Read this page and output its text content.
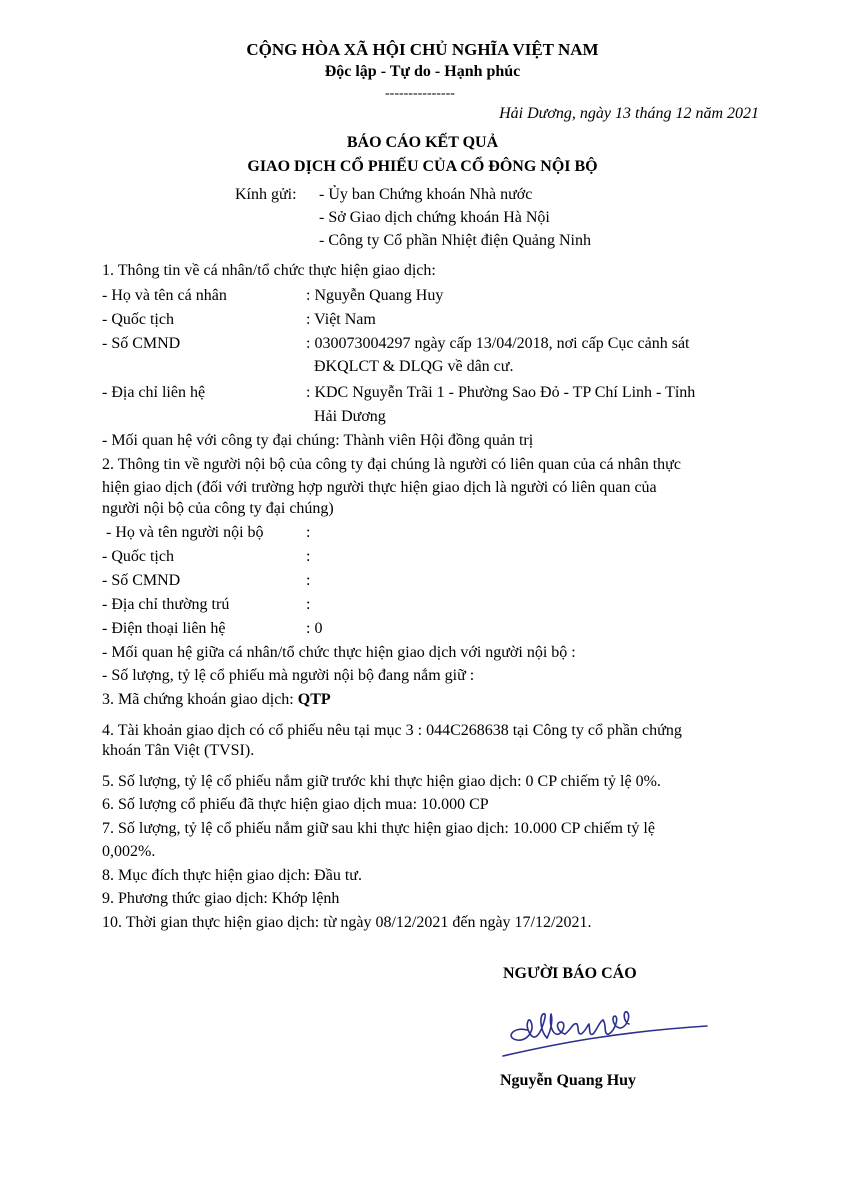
CỘNG HÒA XÃ HỘI CHỦ NGHĨA VIỆT NAM
Độc lập - Tự do - Hạnh phúc
---------------
Hải Dương, ngày 13 tháng 12 năm 2021
BÁO CÁO KẾT QUẢ
GIAO DỊCH CỔ PHIẾU CỦA CỔ ĐÔNG NỘI BỘ
Kính gửi: - Ủy ban Chứng khoán Nhà nước
- Sở Giao dịch chứng khoán Hà Nội
- Công ty Cổ phần Nhiệt điện Quảng Ninh
1. Thông tin về cá nhân/tổ chức thực hiện giao dịch:
- Họ và tên cá nhân	: Nguyễn Quang Huy
- Quốc tịch	: Việt Nam
- Số CMND	: 030073004297 ngày cấp 13/04/2018, nơi cấp Cục cảnh sát
ĐKQLCT & DLQG về dân cư.
- Địa chỉ liên hệ	: KDC Nguyễn Trãi 1 - Phường Sao Đỏ - TP Chí Linh - Tỉnh
Hải Dương
- Mối quan hệ với công ty đại chúng: Thành viên Hội đồng quản trị
2. Thông tin về người nội bộ của công ty đại chúng là người có liên quan của cá nhân thực
hiện giao dịch (đối với trường hợp người thực hiện giao dịch là người có liên quan của
người nội bộ của công ty đại chúng)
- Họ và tên người nội bộ	:
- Quốc tịch	:
- Số CMND	:
- Địa chỉ thường trú	:
- Điện thoại liên hệ	: 0
- Mối quan hệ giữa cá nhân/tổ chức thực hiện giao dịch với người nội bộ :
- Số lượng, tỷ lệ cổ phiếu mà người nội bộ đang nắm giữ :
3. Mã chứng khoán giao dịch: QTP
4. Tài khoản giao dịch có cổ phiếu nêu tại mục 3 : 044C268638 tại Công ty cổ phần chứng
khoán Tân Việt (TVSI).
5. Số lượng, tỷ lệ cổ phiếu nắm giữ trước khi thực hiện giao dịch: 0 CP chiếm tỷ lệ 0%.
6. Số lượng cổ phiếu đã thực hiện giao dịch mua: 10.000 CP
7. Số lượng, tỷ lệ cổ phiếu nắm giữ sau khi thực hiện giao dịch: 10.000 CP chiếm tỷ lệ
0,002%.
8. Mục đích thực hiện giao dịch: Đầu tư.
9. Phương thức giao dịch: Khớp lệnh
10. Thời gian thực hiện giao dịch: từ ngày 08/12/2021 đến ngày 17/12/2021.
NGƯỜI BÁO CÁO
Nguyễn Quang Huy
